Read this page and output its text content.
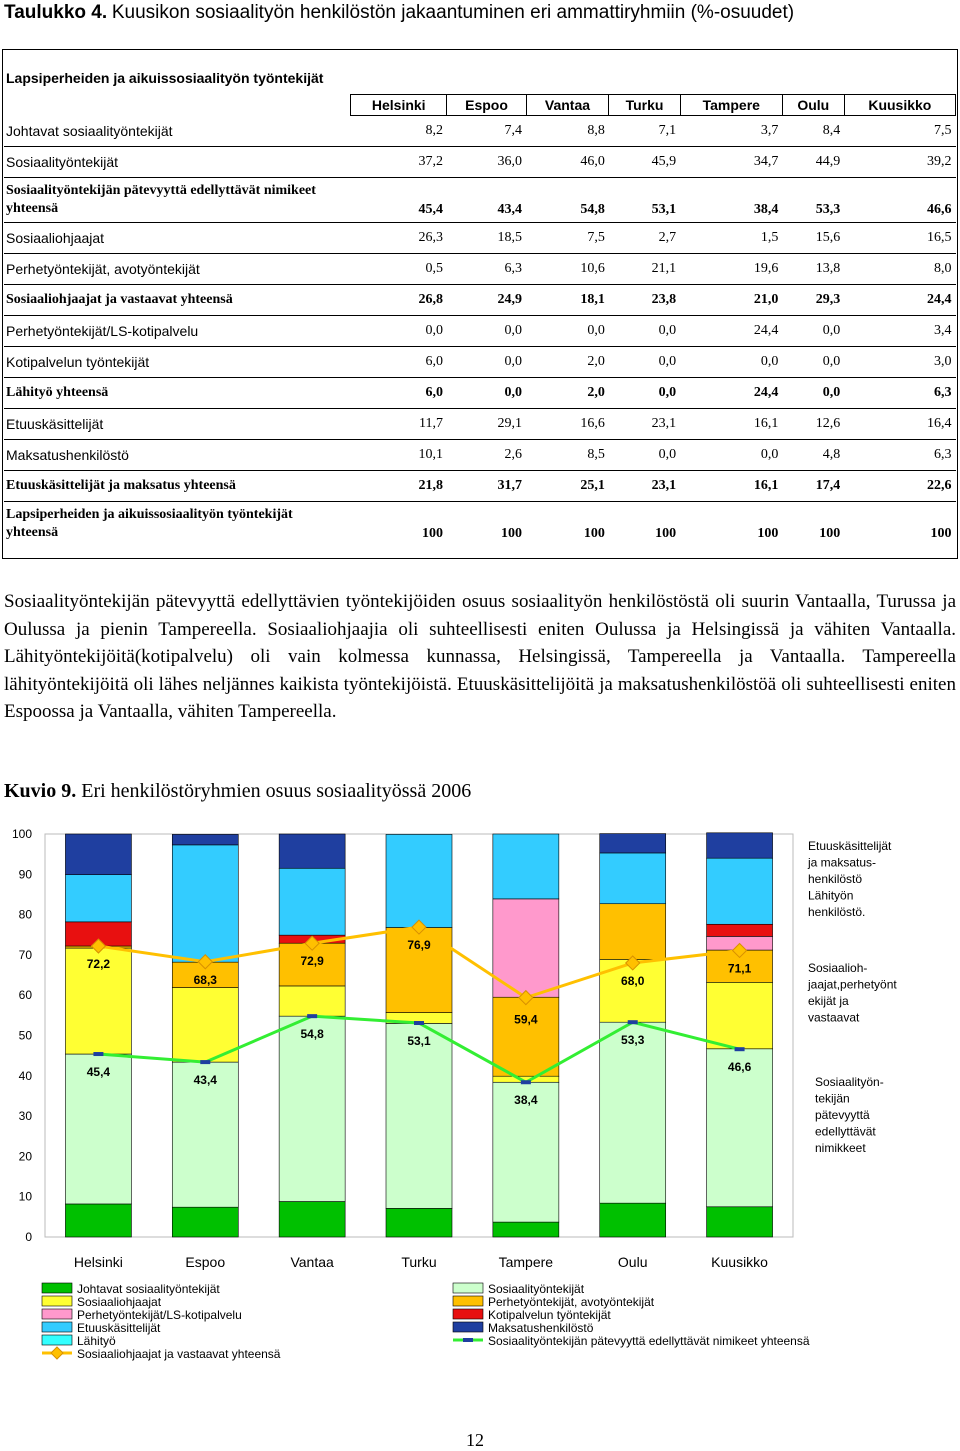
Taulukko 4. Kuusikon sosiaalityön henkilöstön jakaantuminen eri ammattiryhmiin (%-osuudet)
Lapsiperheiden ja aikuissosiaalityön työntekijät
	Helsinki	Espoo	Vantaa	Turku	Tampere	Oulu	Kuusikko
Johtavat sosiaalityöntekijät	8,2	7,4	8,8	7,1	3,7	8,4	7,5
Sosiaalityöntekijät	37,2	36,0	46,0	45,9	34,7	44,9	39,2
Sosiaalityöntekijän pätevyyttä edellyttävät nimikeet yhteensä	45,4	43,4	54,8	53,1	38,4	53,3	46,6
Sosiaaliohjaajat	26,3	18,5	7,5	2,7	1,5	15,6	16,5
Perhetyöntekijät, avotyöntekijät	0,5	6,3	10,6	21,1	19,6	13,8	8,0
Sosiaaliohjaajat ja vastaavat yhteensä	26,8	24,9	18,1	23,8	21,0	29,3	24,4
Perhetyöntekijät/LS-kotipalvelu	0,0	0,0	0,0	0,0	24,4	0,0	3,4
Kotipalvelun työntekijät	6,0	0,0	2,0	0,0	0,0	0,0	3,0
Lähityö yhteensä	6,0	0,0	2,0	0,0	24,4	0,0	6,3
Etuuskäsittelijät	11,7	29,1	16,6	23,1	16,1	12,6	16,4
Maksatushenkilöstö	10,1	2,6	8,5	0,0	0,0	4,8	6,3
Etuuskäsittelijät ja maksatus yhteensä	21,8	31,7	25,1	23,1	16,1	17,4	22,6
Lapsiperheiden ja aikuissosiaalityön työntekijät yhteensä	100	100	100	100	100	100	100
Sosiaalityöntekijän pätevyyttä edellyttävien työntekijöiden osuus sosiaalityön henkilöstöstä oli suurin Vantaalla, Turussa ja Oulussa ja pienin Tampereella. Sosiaaliohjaajia oli suhteellisesti eniten Oulussa ja Helsingissä ja vähiten Vantaalla. Lähityöntekijöitä(kotipalvelu) oli vain kolmessa kunnassa, Helsingissä, Tampereella ja Vantaalla. Tampereella lähityöntekijöitä oli lähes neljännes kaikista työntekijöistä. Etuuskäsittelijöitä ja maksatushenkilöstöä oli suhteellisesti eniten Espoossa ja Vantaalla, vähiten Tampereella.
Kuvio 9. Eri henkilöstöryhmien osuus sosiaalityössä 2006
0
10
20
30
40
50
60
70
80
90
100
Helsinki	Espoo	Vantaa	Turku	Tampere	Oulu	Kuusikko
72,2
68,3
72,9
76,9
59,4
68,0
71,1
45,4
43,4
54,8	53,1
38,4
53,3
46,6
Etuuskäsittelijät
ja maksatus-
henkilöstö
Lähityön
henkilöstö.
Sosiaalioh-
jaajat,perhetyönt
ekijät ja
vastaavat
Sosiaalityön-
tekijän
pätevyyttä
edellyttävät
nimikkeet
Johtavat sosiaalityöntekijät	Sosiaalityöntekijät
Sosiaaliohjaajat	Perhetyöntekijät, avotyöntekijät
Perhetyöntekijät/LS-kotipalvelu	Kotipalvelun työntekijät
Etuuskäsittelijät	Maksatushenkilöstö
Lähityö	Sosiaalityöntekijän pätevyyttä edellyttävät nimikeet yhteensä
Sosiaaliohjaajat ja vastaavat yhteensä
12
